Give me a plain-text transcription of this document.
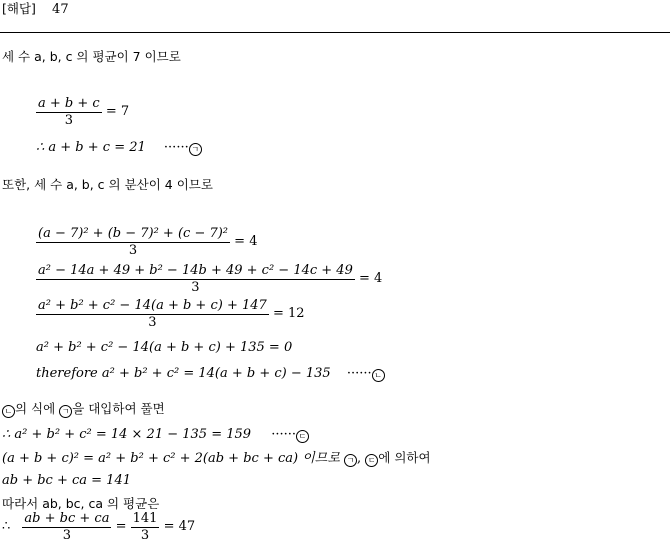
[해답] 47
세 수 a, b, c 의 평균이 7 이므로
$\frac{a + b + c}{3} = 7$
∴ a + b + c = 21 ······ ㄱ
또한, 세 수 a, b, c 의 분산이 4 이므로
$\frac{\text{(a − 7)² + (b − 7)² + (c − 7)²}}{3} = 4$
$\frac{\text{a² − 14a + 49 + b² − 14b + 49 + c² − 14c + 49}}{3} = 4$
$\frac{\text{a² + b² + c² − 14(a + b + c) + 147}}{3} = 12$
a² + b² + c² − 14(a + b + c) + 135 = 0
therefore a² + b² + c² = 14(a + b + c) − 135 ······ ㄴ
ㄴ 의 식에 ㄱ 을 대입하여 풀면
∴ a² + b² + c² = 14 × 21 − 135 = 159 ······ ㄷ
(a + b + c)² = a² + b² + c² + 2(ab + bc + ca) 이므로 ㄱ , ㄷ 에 의하여
ab + bc + ca = 141
따라서 ab, bc, ca 의 평균은
∴ $\frac{ab + bc + ca}{3} = \frac{141}{3} = 47$
